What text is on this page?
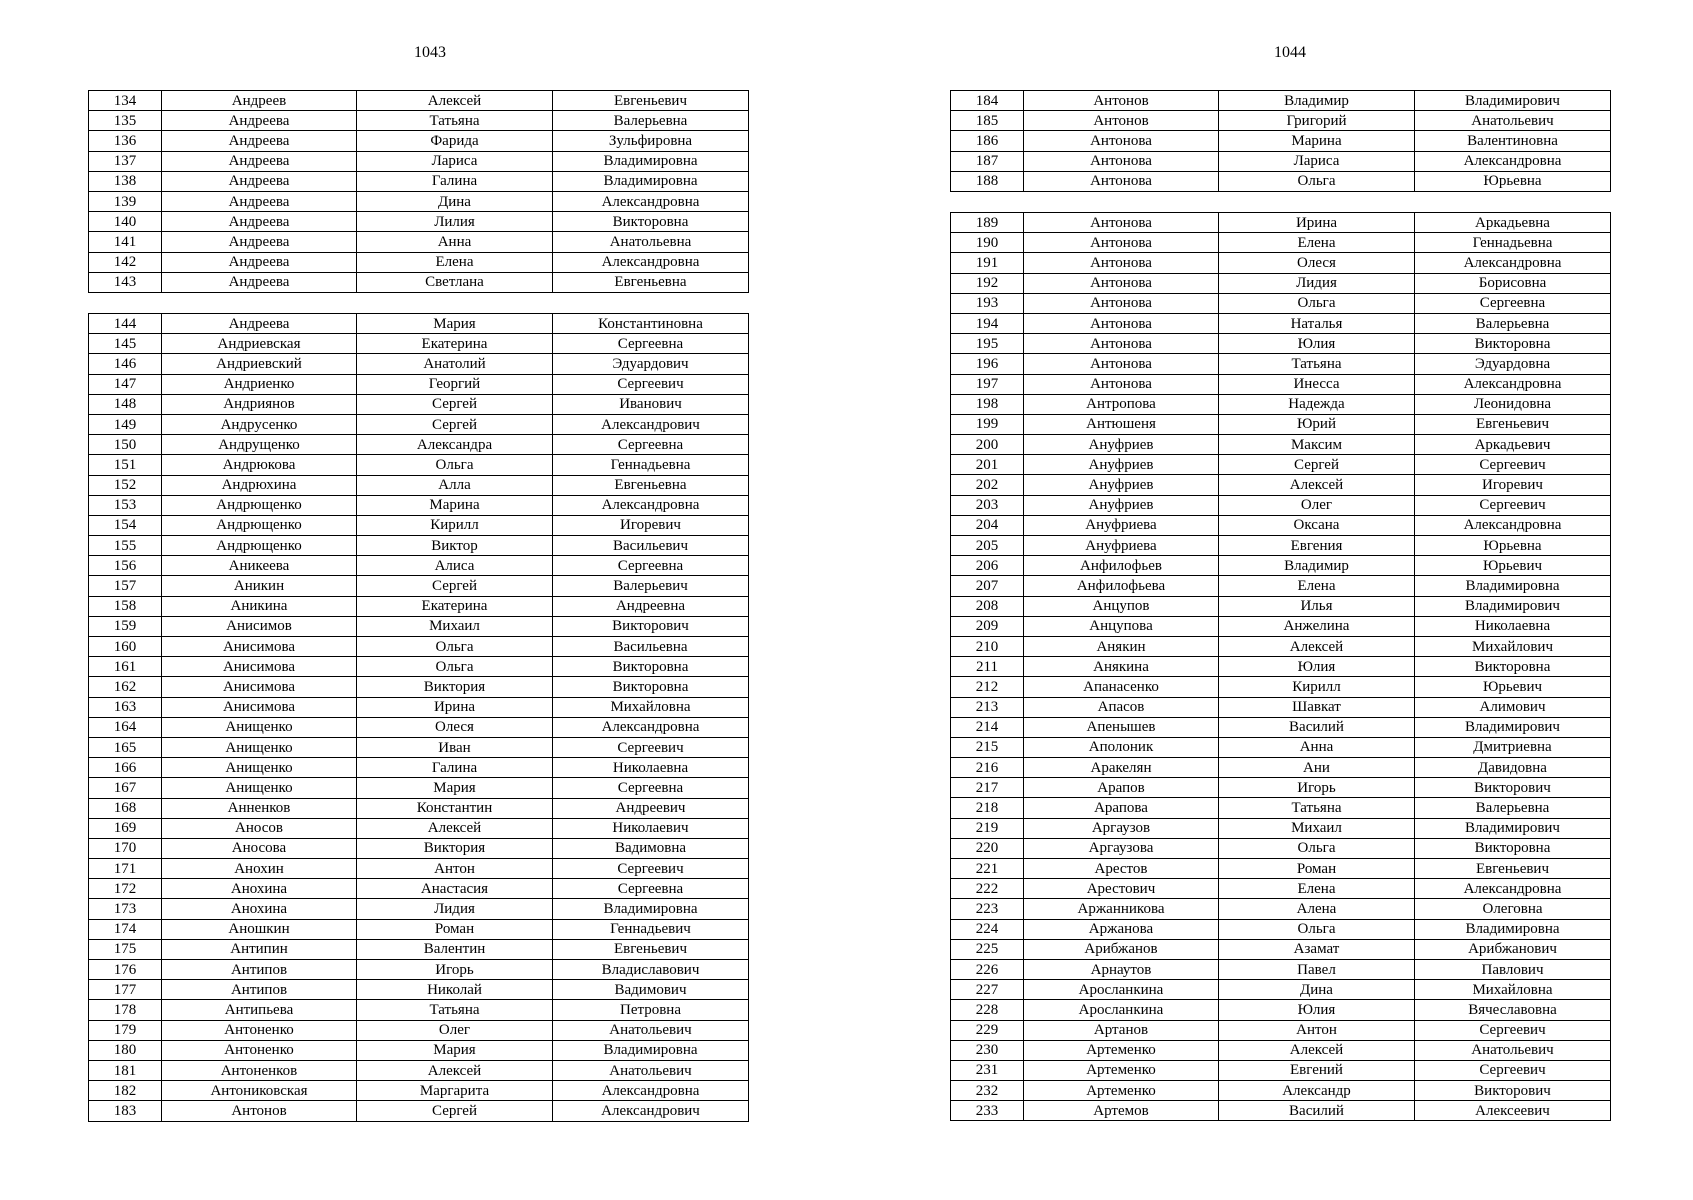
1043
134	Андреев	Алексей	Евгеньевич
135	Андреева	Татьяна	Валерьевна
136	Андреева	Фарида	Зульфировна
137	Андреева	Лариса	Владимировна
138	Андреева	Галина	Владимировна
139	Андреева	Дина	Александровна
140	Андреева	Лилия	Викторовна
141	Андреева	Анна	Анатольевна
142	Андреева	Елена	Александровна
143	Андреева	Светлана	Евгеньевна
144	Андреева	Мария	Константиновна
145	Андриевская	Екатерина	Сергеевна
146	Андриевский	Анатолий	Эдуардович
147	Андриенко	Георгий	Сергеевич
148	Андриянов	Сергей	Иванович
149	Андрусенко	Сергей	Александрович
150	Андрущенко	Александра	Сергеевна
151	Андрюкова	Ольга	Геннадьевна
152	Андрюхина	Алла	Евгеньевна
153	Андрющенко	Марина	Александровна
154	Андрющенко	Кирилл	Игоревич
155	Андрющенко	Виктор	Васильевич
156	Аникеева	Алиса	Сергеевна
157	Аникин	Сергей	Валерьевич
158	Аникина	Екатерина	Андреевна
159	Анисимов	Михаил	Викторович
160	Анисимова	Ольга	Васильевна
161	Анисимова	Ольга	Викторовна
162	Анисимова	Виктория	Викторовна
163	Анисимова	Ирина	Михайловна
164	Анищенко	Олеся	Александровна
165	Анищенко	Иван	Сергеевич
166	Анищенко	Галина	Николаевна
167	Анищенко	Мария	Сергеевна
168	Анненков	Константин	Андреевич
169	Аносов	Алексей	Николаевич
170	Аносова	Виктория	Вадимовна
171	Анохин	Антон	Сергеевич
172	Анохина	Анастасия	Сергеевна
173	Анохина	Лидия	Владимировна
174	Аношкин	Роман	Геннадьевич
175	Антипин	Валентин	Евгеньевич
176	Антипов	Игорь	Владиславович
177	Антипов	Николай	Вадимович
178	Антипьева	Татьяна	Петровна
179	Антоненко	Олег	Анатольевич
180	Антоненко	Мария	Владимировна
181	Антоненков	Алексей	Анатольевич
182	Антониковская	Маргарита	Александровна
183	Антонов	Сергей	Александрович
1044
184	Антонов	Владимир	Владимирович
185	Антонов	Григорий	Анатольевич
186	Антонова	Марина	Валентиновна
187	Антонова	Лариса	Александровна
188	Антонова	Ольга	Юрьевна
189	Антонова	Ирина	Аркадьевна
190	Антонова	Елена	Геннадьевна
191	Антонова	Олеся	Александровна
192	Антонова	Лидия	Борисовна
193	Антонова	Ольга	Сергеевна
194	Антонова	Наталья	Валерьевна
195	Антонова	Юлия	Викторовна
196	Антонова	Татьяна	Эдуардовна
197	Антонова	Инесса	Александровна
198	Антропова	Надежда	Леонидовна
199	Антюшеня	Юрий	Евгеньевич
200	Ануфриев	Максим	Аркадьевич
201	Ануфриев	Сергей	Сергеевич
202	Ануфриев	Алексей	Игоревич
203	Ануфриев	Олег	Сергеевич
204	Ануфриева	Оксана	Александровна
205	Ануфриева	Евгения	Юрьевна
206	Анфилофьев	Владимир	Юрьевич
207	Анфилофьева	Елена	Владимировна
208	Анцупов	Илья	Владимирович
209	Анцупова	Анжелина	Николаевна
210	Анякин	Алексей	Михайлович
211	Анякина	Юлия	Викторовна
212	Апанасенко	Кирилл	Юрьевич
213	Апасов	Шавкат	Алимович
214	Апенышев	Василий	Владимирович
215	Аполоник	Анна	Дмитриевна
216	Аракелян	Ани	Давидовна
217	Арапов	Игорь	Викторович
218	Арапова	Татьяна	Валерьевна
219	Аргаузов	Михаил	Владимирович
220	Аргаузова	Ольга	Викторовна
221	Арестов	Роман	Евгеньевич
222	Арестович	Елена	Александровна
223	Аржанникова	Алена	Олеговна
224	Аржанова	Ольга	Владимировна
225	Арибжанов	Азамат	Арибжанович
226	Арнаутов	Павел	Павлович
227	Арoсланкина	Дина	Михайловна
228	Арoсланкина	Юлия	Вячеславовна
229	Артанов	Антон	Сергеевич
230	Артеменко	Алексей	Анатольевич
231	Артеменко	Евгений	Сергеевич
232	Артеменко	Александр	Викторович
233	Артемов	Василий	Алексеевич
